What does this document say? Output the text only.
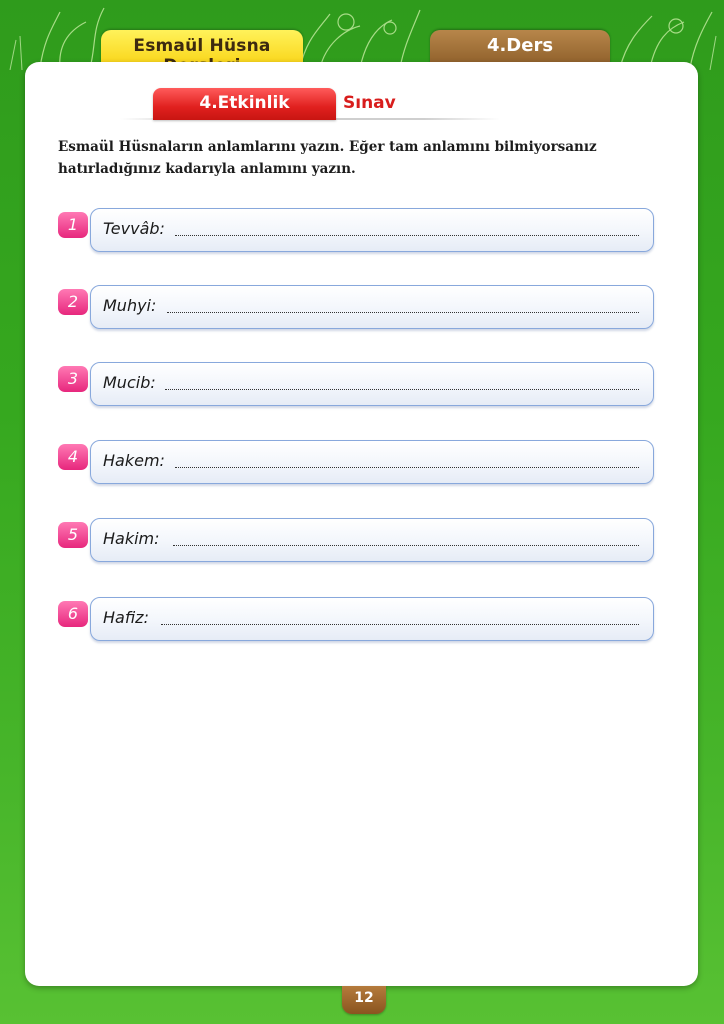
Esmaül Hüsna	4.Ders
4.Etkinlik	Sınav
Esmaül Hüsnaların anlamlarını yazın. Eğer tam anlamını bilmiyorsanız hatırladığınız kadarıyla anlamını yazın.
1	Tevvâb:
2	Muhyi:
3	Mucib:
4	Hakem:
5	Hakim:
6	Hafiz:
12
